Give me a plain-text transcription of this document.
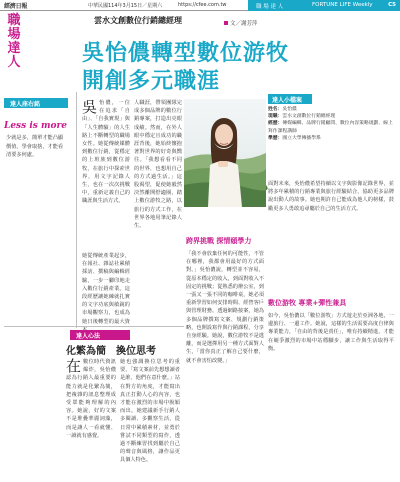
經濟日報	中華民國114年3月15日／星期六	https://cfee.com.tw	職 場 達 人	FORTUNE LIFE Weekly	C5
職場達人
達人座右銘
Less is more
少就是多，簡單才能凸顯價值，學會取捨，才能看清要多何處。
雲水文創數位行銷總經理	文／謝芳萍
吳怡儂轉型數位游牧
開創多元職涯
達人小檔案
姓名：吳怡儂
現職：雲水文創數位行銷總經理
經歷：傳媒編輯、品牌行銷顧問、數位內容策略規劃、線上寫作課程講師
學歷：國立大學傳播學系
吳怡儂，一位在追求「自由」、「自我實現」與「人生體驗」的人生路上不斷轉型的職場女性。她從傳統媒體到數位行銷，從穩定的上班族到數位游牧，在旅行中探索世界，用文字記錄人生，也在一次次挑戰中，重新定義自己的職涯與生活方式。
她從傳統產業起步，在報社、雜誌社累積採訪、撰稿與編輯經驗，一步一腳印地走入數位行銷產業。這段經歷讓她練就扎實的文字功底與敏銳的市場觀察力，也成為她日後轉型的最大資
人職涯，帶領團隊完成多個品牌的數位行銷專案，打造出亮眼成績。然而，在外人眼中穩定且成功的職涯背後，她始終懷抱著對世界的好奇與嚮往。「我想看看不同的世界，也想用自己的方式過生活。」這股渴望，促使她毅然決然離開舒適圈，踏上數位游牧之路，以旅行的方式工作，在世界各地用筆記錄人生。
跨界挑戰 探情頤學力
「我不會放棄任何的可能性，不管在哪裡，我都會用最好的方式面對。」吳怡儂說，轉型並不容易，從原本穩定的收入，到面對收入不固定的挑戰；從熟悉的辦公室，到一張又一張不同的咖啡桌，她必須重新學習如何安排時間、經營客戶與管理財務。透過網路接案，她為多個品牌撰寫文案、規劃行銷策略，也開設寫作與行銷課程，分享自身經驗。她說，數位游牧不是逃離，而是選擇用另一種方式面對人生，「當你真正了解自己要什麼，就不會害怕改變。」
面對未來，吳怡儂希望持續以文字與影像記錄世界，並將多年累積的行銷專業與旅行經驗結合，協助更多品牌說出動人的故事。她也期許自己能成為他人的榜樣，鼓勵更多人勇敢追尋屬於自己的生活方式。
數位游牧 專業+彈性兼具
如今，吳怡儂以「數位游牧」方式遊走於亞洲各地，一邊旅行、一邊工作。她說，這樣的生活需要高度自律與專業能力，「自由的背後是責任」，唯有持續精進，才能在競爭激烈的市場中站穩腳步，讓工作與生活取得平衡。
達人心法
化繁為簡　換位思考
在數位時代資訊爆炸，吳怡儂認為行銷人最重要的能力就是化繁為簡，把複雜的訊息整理成受眾能夠理解的內容。她說，好的文案不是堆疊華麗詞藻，而是讓人一看就懂、一讀就有感覺。
她也強調換位思考的重要，「寫文案前先想想讀者是誰、他們在意什麼。」站在對方的角度，才能寫出真正打動人心的內容，也才能在激烈的市場中脫穎而出。她建議新手行銷人多閱讀、多觀察生活，從日常中累積素材，並勇於嘗試不同類型的寫作，透過不斷練習找到屬於自己的聲音與風格，讓作品更具個人特色。
